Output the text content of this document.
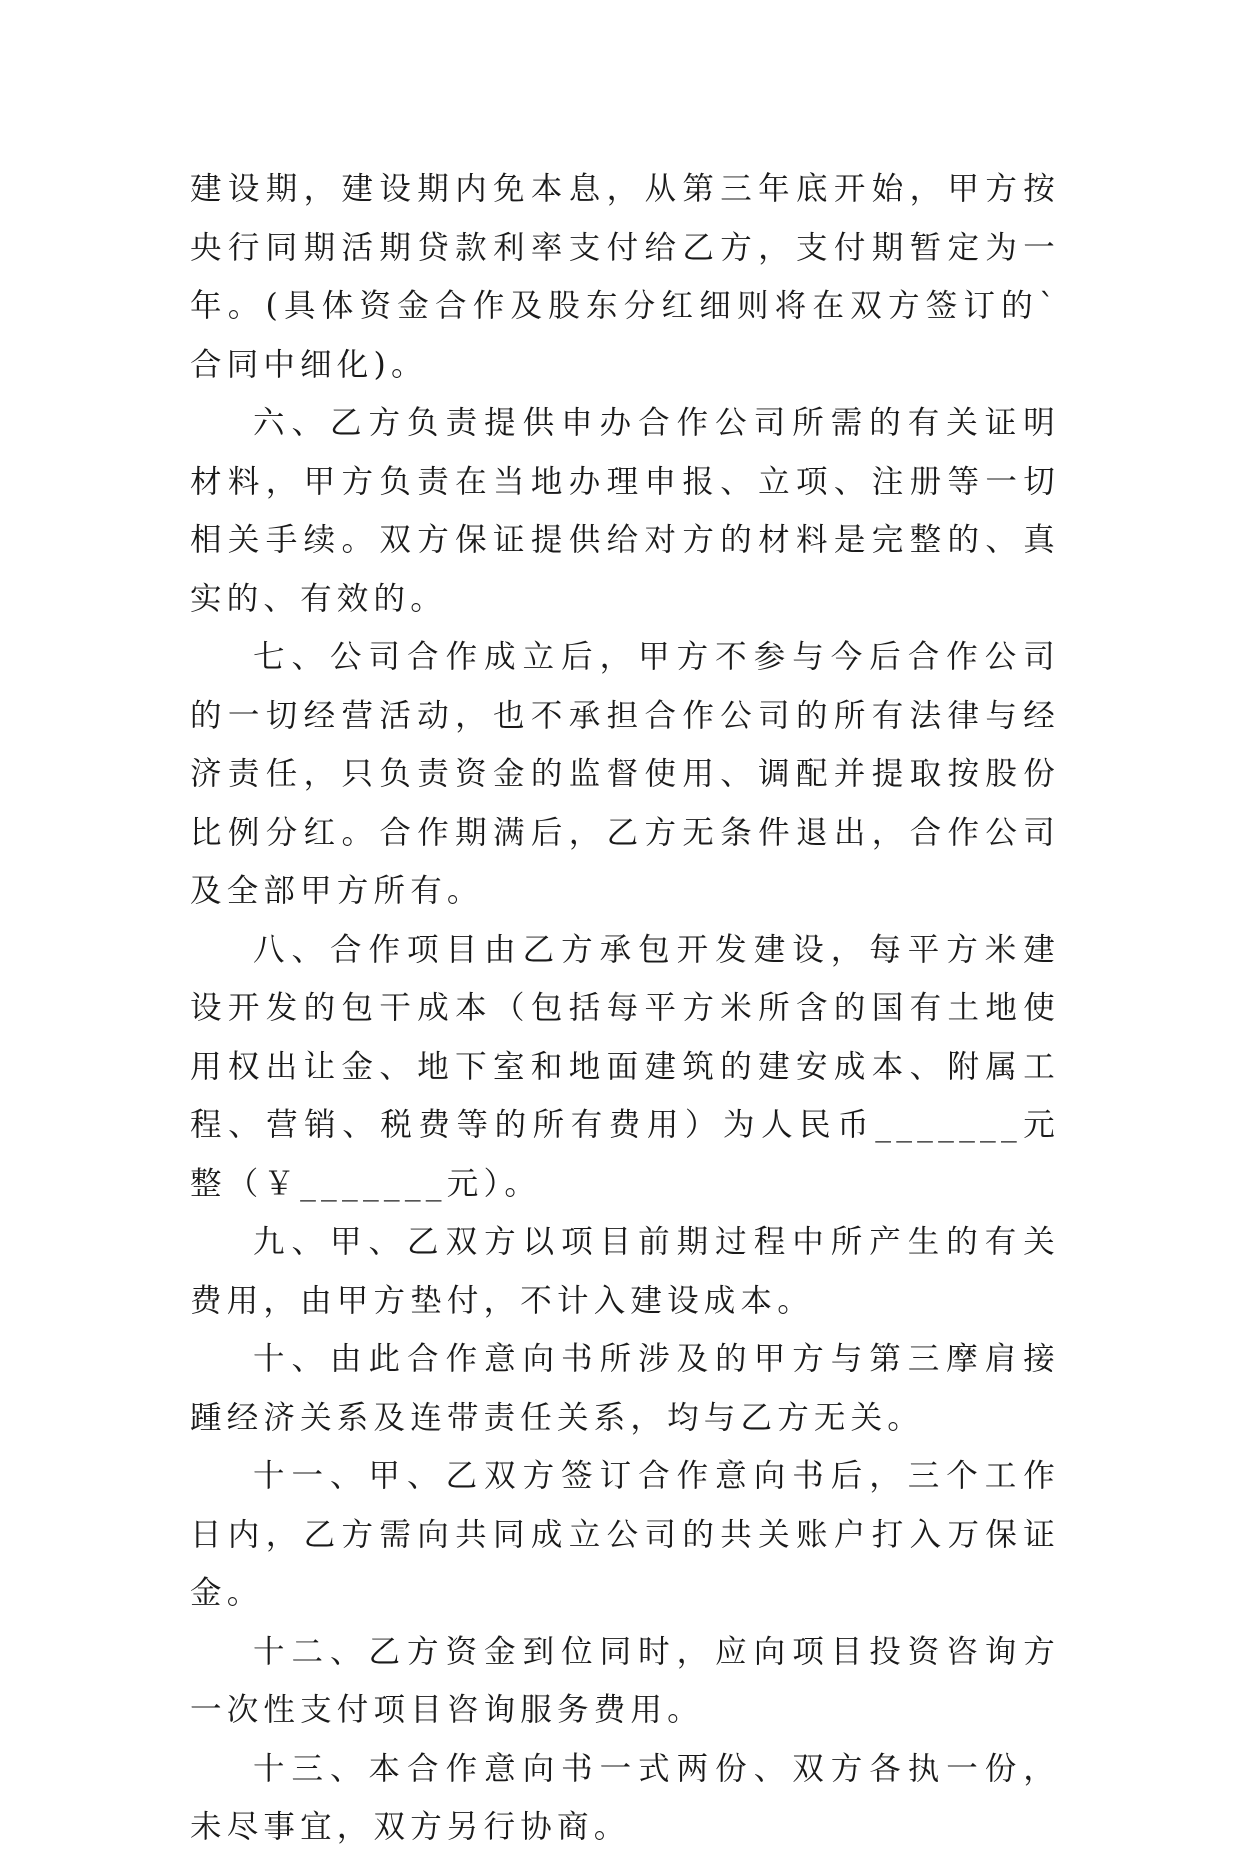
建设期，建设期内免本息，从第三年底开始，甲方按央行同期活期贷款利率支付给乙方，支付期暂定为一年。(具体资金合作及股东分红细则将在双方签订的`合同中细化)。

六、乙方负责提供申办合作公司所需的有关证明材料，甲方负责在当地办理申报、立项、注册等一切相关手续。双方保证提供给对方的材料是完整的、真实的、有效的。

七、公司合作成立后，甲方不参与今后合作公司的一切经营活动，也不承担合作公司的所有法律与经济责任，只负责资金的监督使用、调配并提取按股份比例分红。合作期满后，乙方无条件退出，合作公司及全部甲方所有。

八、合作项目由乙方承包开发建设，每平方米建设开发的包干成本（包括每平方米所含的国有土地使用权出让金、地下室和地面建筑的建安成本、附属工程、营销、税费等的所有费用）为人民币_______元整（￥_______元）。

九、甲、乙双方以项目前期过程中所产生的有关费用，由甲方垫付，不计入建设成本。

十、由此合作意向书所涉及的甲方与第三摩肩接踵经济关系及连带责任关系，均与乙方无关。

十一、甲、乙双方签订合作意向书后，三个工作日内，乙方需向共同成立公司的共关账户打入万保证金。

十二、乙方资金到位同时，应向项目投资咨询方一次性支付项目咨询服务费用。

十三、本合作意向书一式两份、双方各执一份，未尽事宜，双方另行协商。
